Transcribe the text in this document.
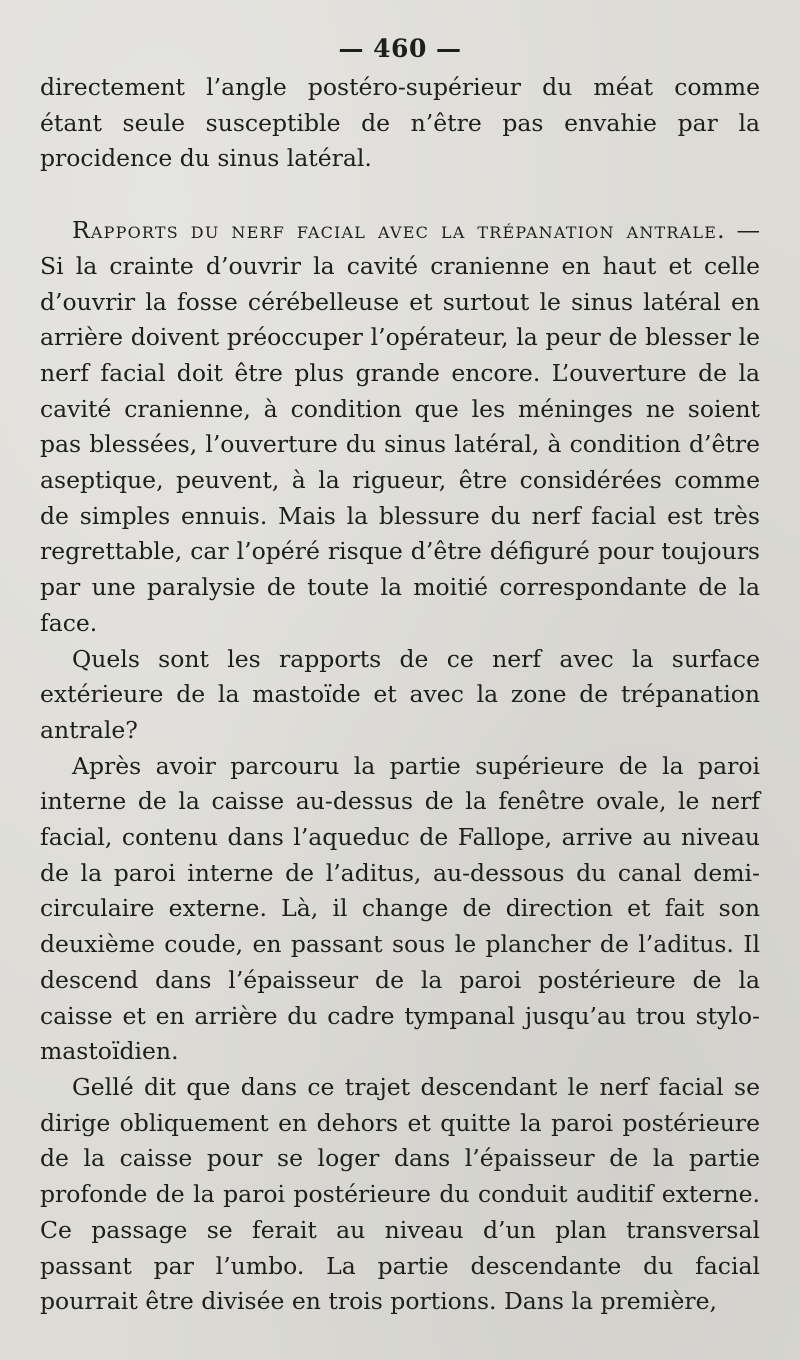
— 460 —

directement l’angle postéro-supérieur du méat comme étant seule susceptible de n’être pas envahie par la procidence du sinus latéral.

Rapports du nerf facial avec la trépanation antrale. — Si la crainte d’ouvrir la cavité cranienne en haut et celle d’ouvrir la fosse cérébelleuse et surtout le sinus latéral en arrière doivent préoccuper l’opérateur, la peur de blesser le nerf facial doit être plus grande encore. L’ouverture de la cavité cranienne, à condition que les méninges ne soient pas blessées, l’ouverture du sinus latéral, à condition d’être aseptique, peuvent, à la rigueur, être considérées comme de simples ennuis. Mais la blessure du nerf facial est très regrettable, car l’opéré risque d’être défiguré pour toujours par une paralysie de toute la moitié correspondante de la face.

Quels sont les rapports de ce nerf avec la surface extérieure de la mastoïde et avec la zone de trépanation antrale?

Après avoir parcouru la partie supérieure de la paroi interne de la caisse au-dessus de la fenêtre ovale, le nerf facial, contenu dans l’aqueduc de Fallope, arrive au niveau de la paroi interne de l’aditus, au-dessous du canal demi-circulaire externe. Là, il change de direction et fait son deuxième coude, en passant sous le plancher de l’aditus. Il descend dans l’épaisseur de la paroi postérieure de la caisse et en arrière du cadre tympanal jusqu’au trou stylo-mastoïdien.

Gellé dit que dans ce trajet descendant le nerf facial se dirige obliquement en dehors et quitte la paroi postérieure de la caisse pour se loger dans l’épaisseur de la partie profonde de la paroi postérieure du conduit auditif externe. Ce passage se ferait au niveau d’un plan transversal passant par l’umbo. La partie descendante du facial pourrait être divisée en trois portions. Dans la première,
